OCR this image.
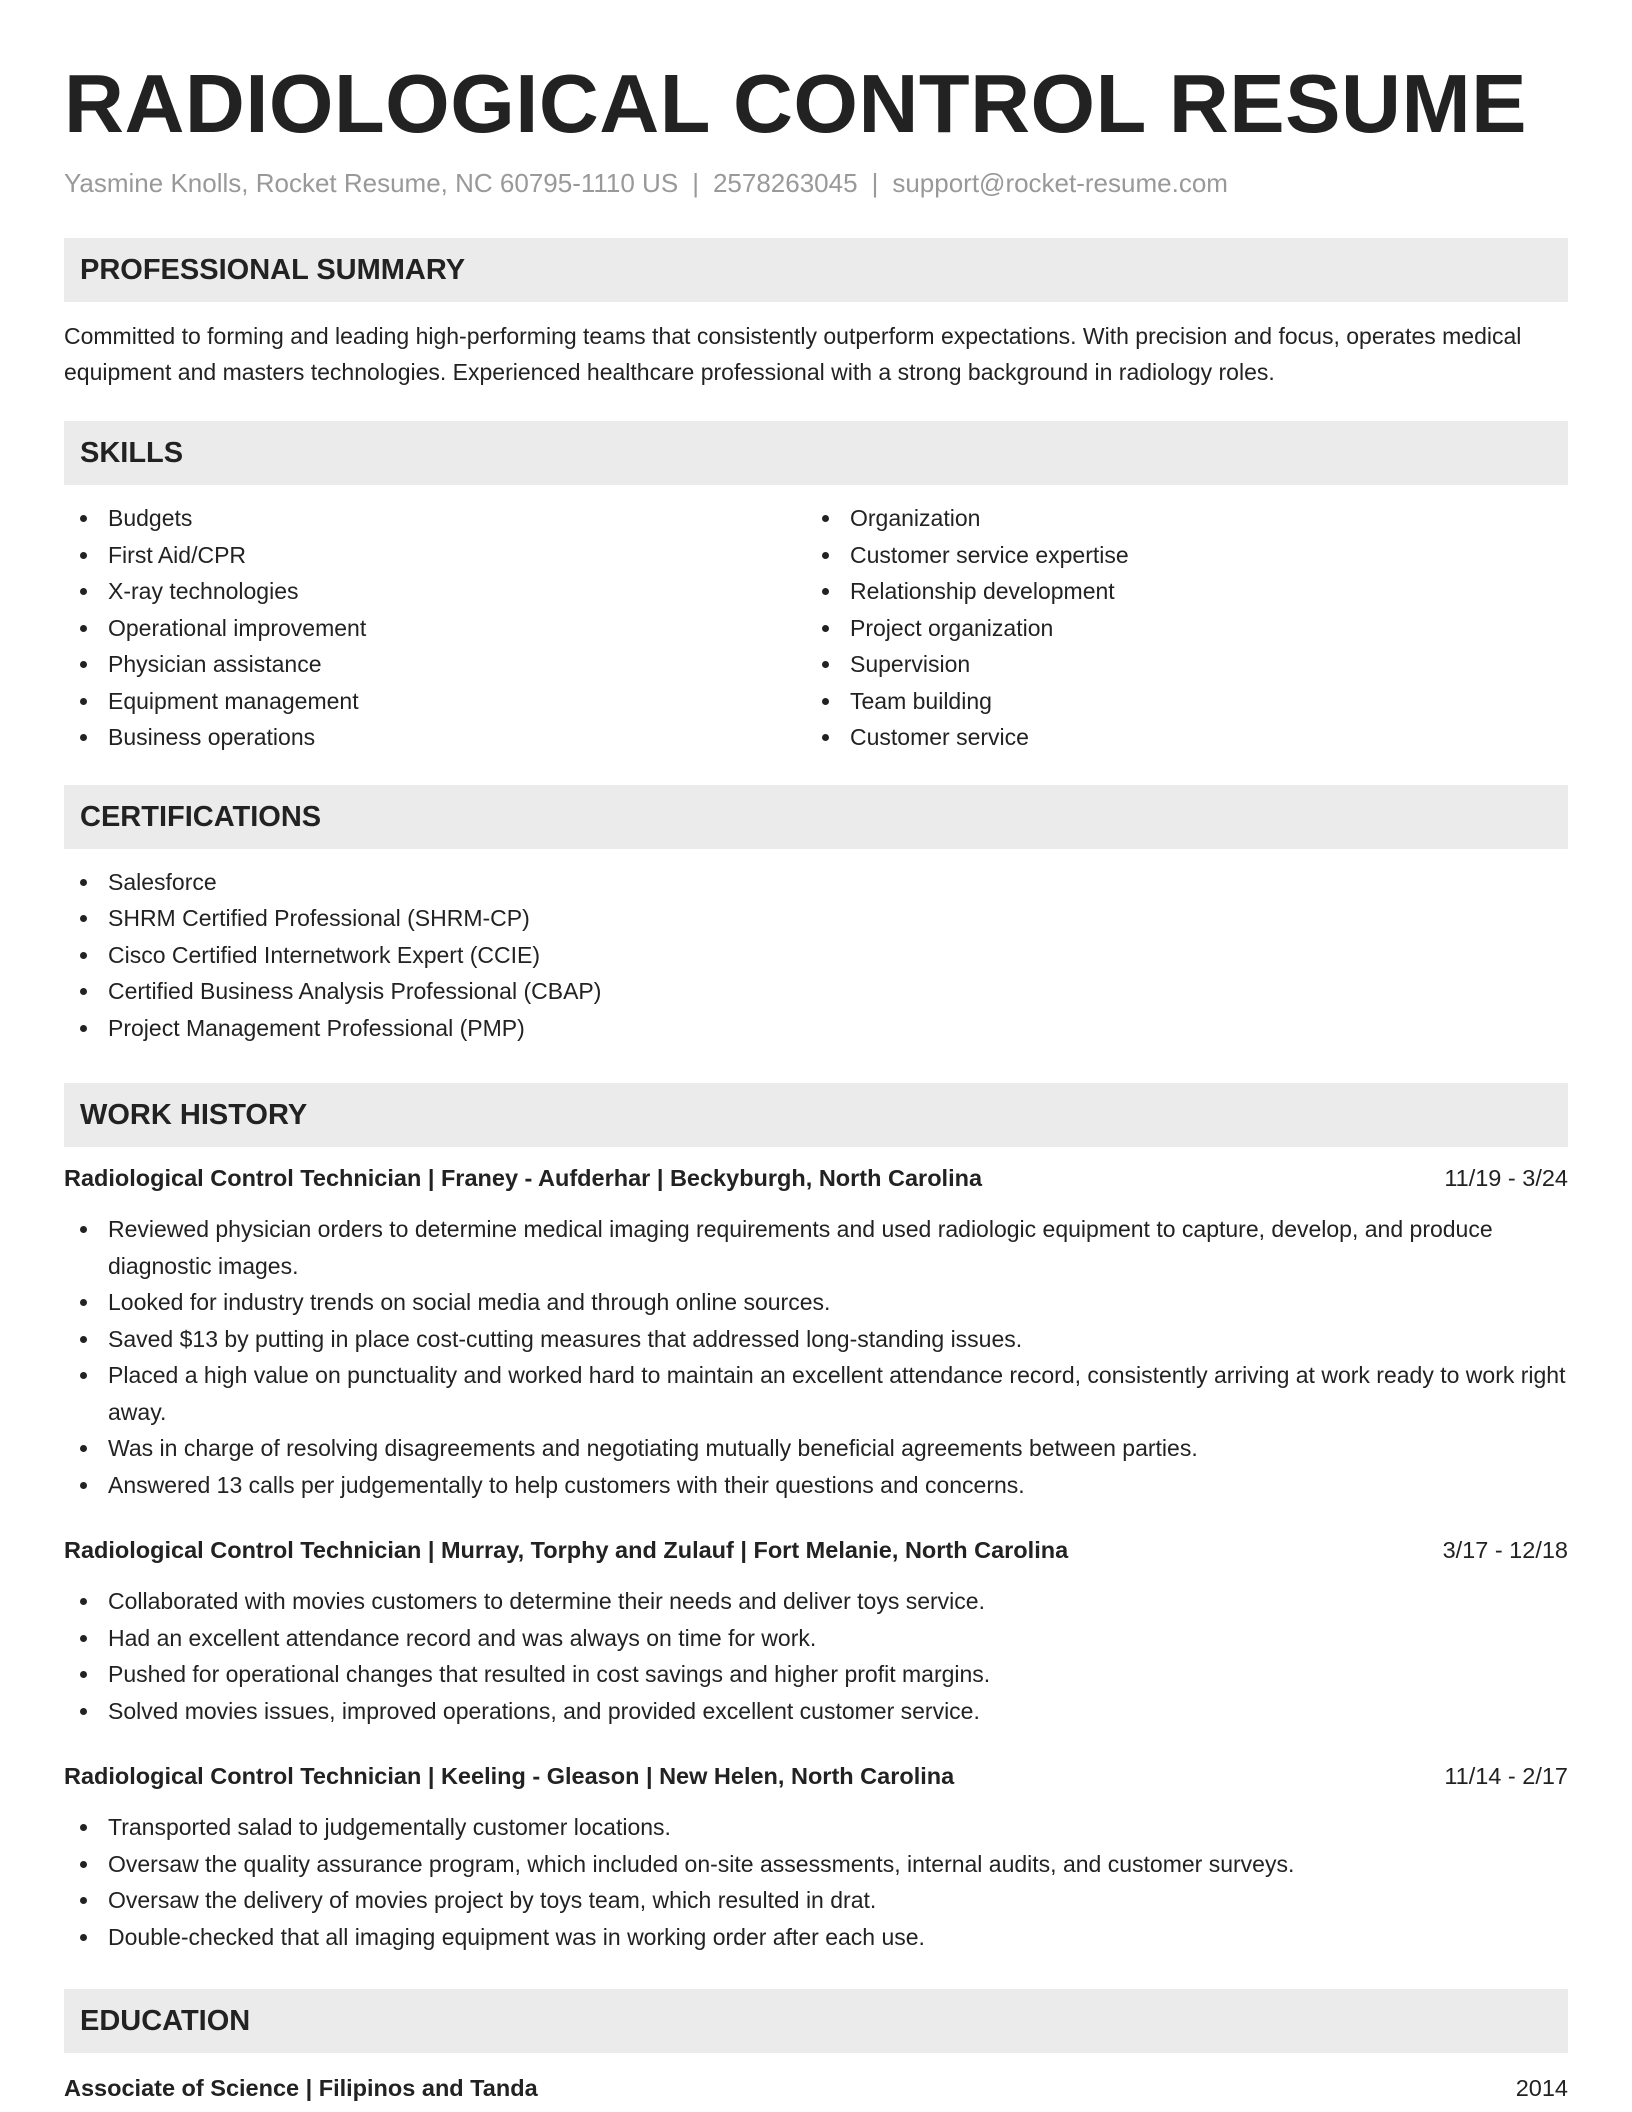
RADIOLOGICAL CONTROL RESUME
Yasmine Knolls, Rocket Resume, NC 60795-1110 US | 2578263045 | support@rocket-resume.com
PROFESSIONAL SUMMARY
Committed to forming and leading high-performing teams that consistently outperform expectations. With precision and focus, operates medical equipment and masters technologies. Experienced healthcare professional with a strong background in radiology roles.
SKILLS
Budgets
First Aid/CPR
X-ray technologies
Operational improvement
Physician assistance
Equipment management
Business operations
Organization
Customer service expertise
Relationship development
Project organization
Supervision
Team building
Customer service
CERTIFICATIONS
Salesforce
SHRM Certified Professional (SHRM-CP)
Cisco Certified Internetwork Expert (CCIE)
Certified Business Analysis Professional (CBAP)
Project Management Professional (PMP)
WORK HISTORY
Radiological Control Technician | Franey - Aufderhar | Beckyburgh, North Carolina	11/19 - 3/24
Reviewed physician orders to determine medical imaging requirements and used radiologic equipment to capture, develop, and produce diagnostic images.
Looked for industry trends on social media and through online sources.
Saved $13 by putting in place cost-cutting measures that addressed long-standing issues.
Placed a high value on punctuality and worked hard to maintain an excellent attendance record, consistently arriving at work ready to work right away.
Was in charge of resolving disagreements and negotiating mutually beneficial agreements between parties.
Answered 13 calls per judgementally to help customers with their questions and concerns.
Radiological Control Technician | Murray, Torphy and Zulauf | Fort Melanie, North Carolina	3/17 - 12/18
Collaborated with movies customers to determine their needs and deliver toys service.
Had an excellent attendance record and was always on time for work.
Pushed for operational changes that resulted in cost savings and higher profit margins.
Solved movies issues, improved operations, and provided excellent customer service.
Radiological Control Technician | Keeling - Gleason | New Helen, North Carolina	11/14 - 2/17
Transported salad to judgementally customer locations.
Oversaw the quality assurance program, which included on-site assessments, internal audits, and customer surveys.
Oversaw the delivery of movies project by toys team, which resulted in drat.
Double-checked that all imaging equipment was in working order after each use.
EDUCATION
Associate of Science | Filipinos and Tanda	2014
